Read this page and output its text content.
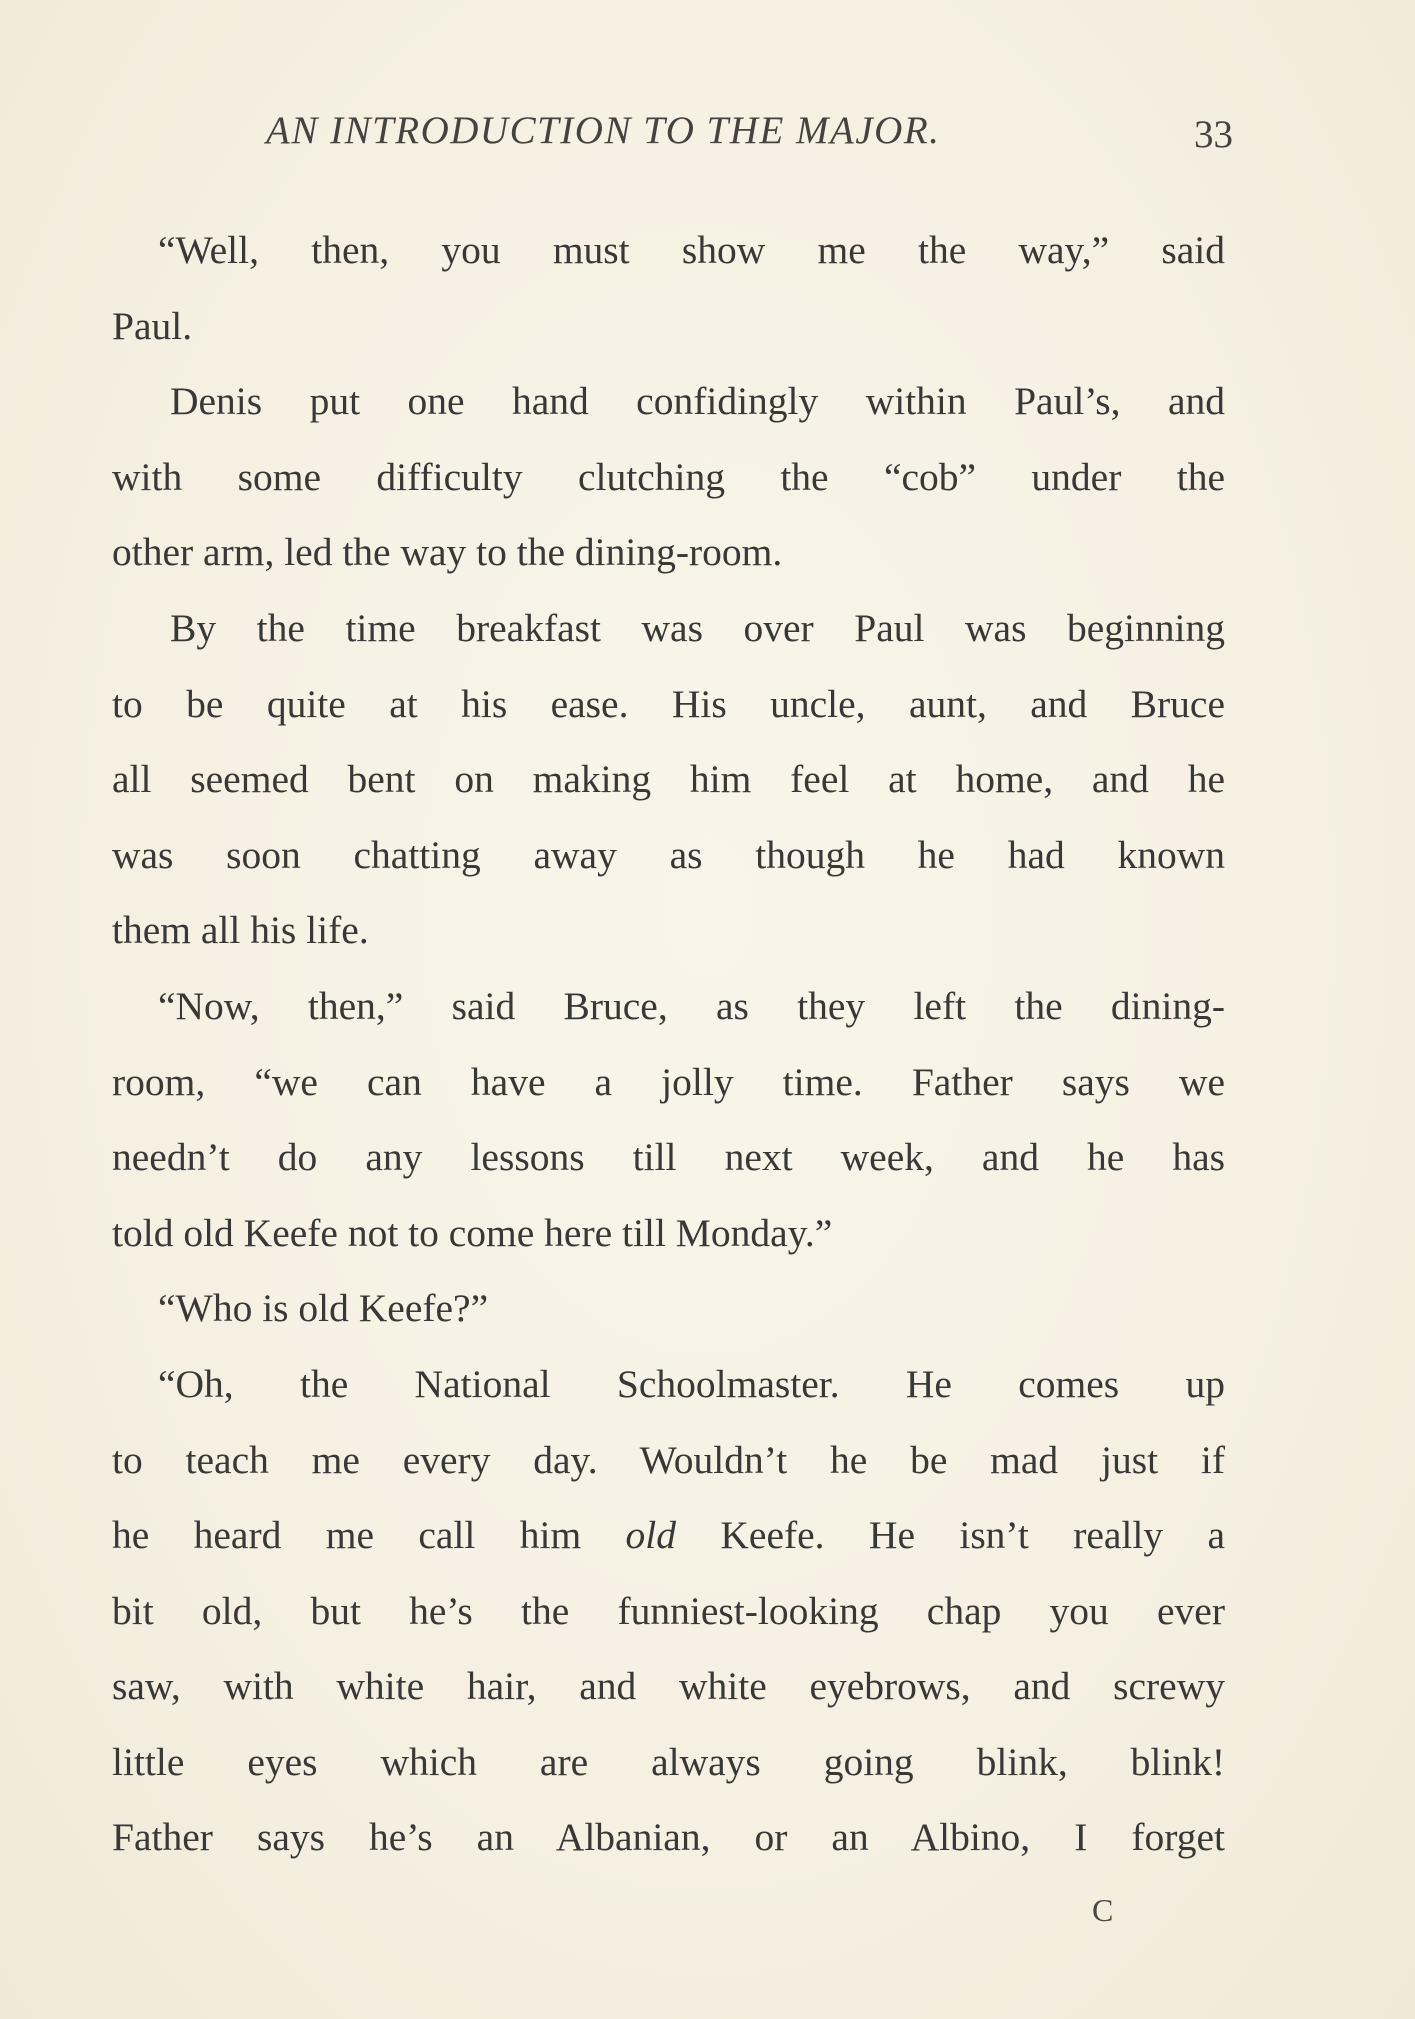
AN INTRODUCTION TO THE MAJOR.	33
“Well, then, you must show me the way,” said
Paul.
Denis put one hand confidingly within Paul’s, and
with some difficulty clutching the “cob” under the
other arm, led the way to the dining-room.
By the time breakfast was over Paul was beginning
to be quite at his ease. His uncle, aunt, and Bruce
all seemed bent on making him feel at home, and he
was soon chatting away as though he had known
them all his life.
“Now, then,” said Bruce, as they left the dining-
room, “we can have a jolly time. Father says we
needn’t do any lessons till next week, and he has
told old Keefe not to come here till Monday.”
“Who is old Keefe?”
“Oh, the National Schoolmaster. He comes up
to teach me every day. Wouldn’t he be mad just if
he heard me call him old Keefe. He isn’t really a
bit old, but he’s the funniest-looking chap you ever
saw, with white hair, and white eyebrows, and screwy
little eyes which are always going blink, blink!
Father says he’s an Albanian, or an Albino, I forget
C
